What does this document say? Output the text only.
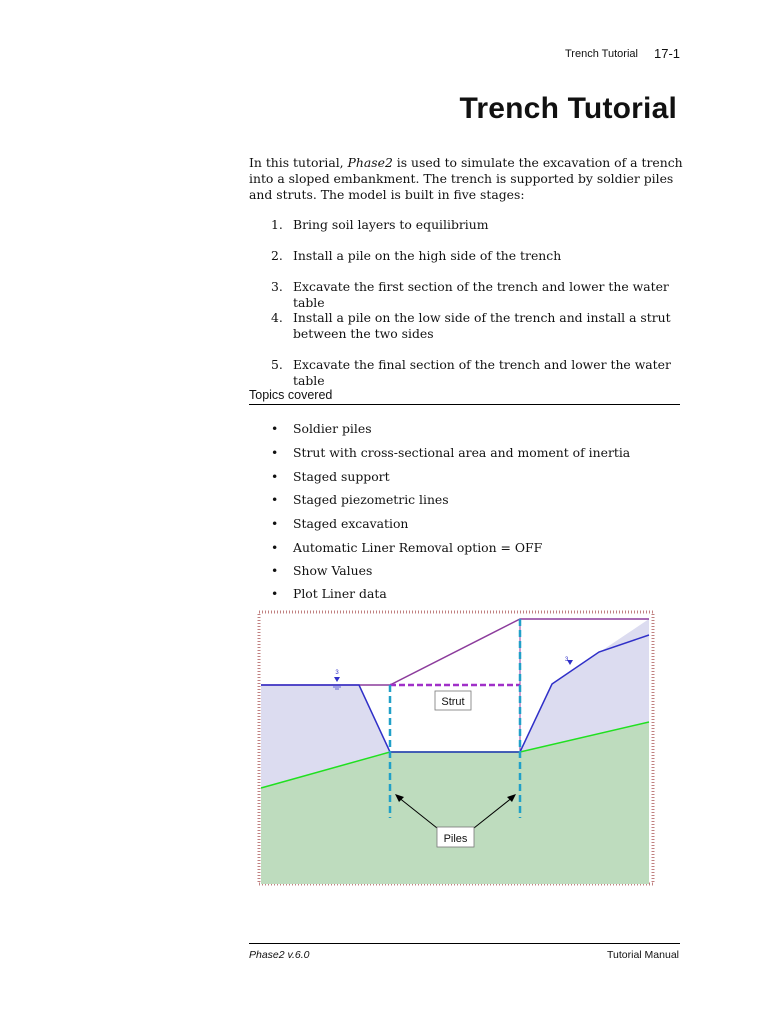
Trench Tutorial 17-1
Trench Tutorial
In this tutorial, Phase2 is used to simulate the excavation of a trench into a sloped embankment. The trench is supported by soldier piles and struts. The model is built in five stages:
1. Bring soil layers to equilibrium
2. Install a pile on the high side of the trench
3. Excavate the first section of the trench and lower the water table
4. Install a pile on the low side of the trench and install a strut between the two sides
5. Excavate the final section of the trench and lower the water table
Topics covered
• Soldier piles
• Strut with cross-sectional area and moment of inertia
• Staged support
• Staged piezometric lines
• Staged excavation
• Automatic Liner Removal option = OFF
• Show Values
• Plot Liner data
3
3
Strut
Piles
Phase2 v.6.0	Tutorial Manual
